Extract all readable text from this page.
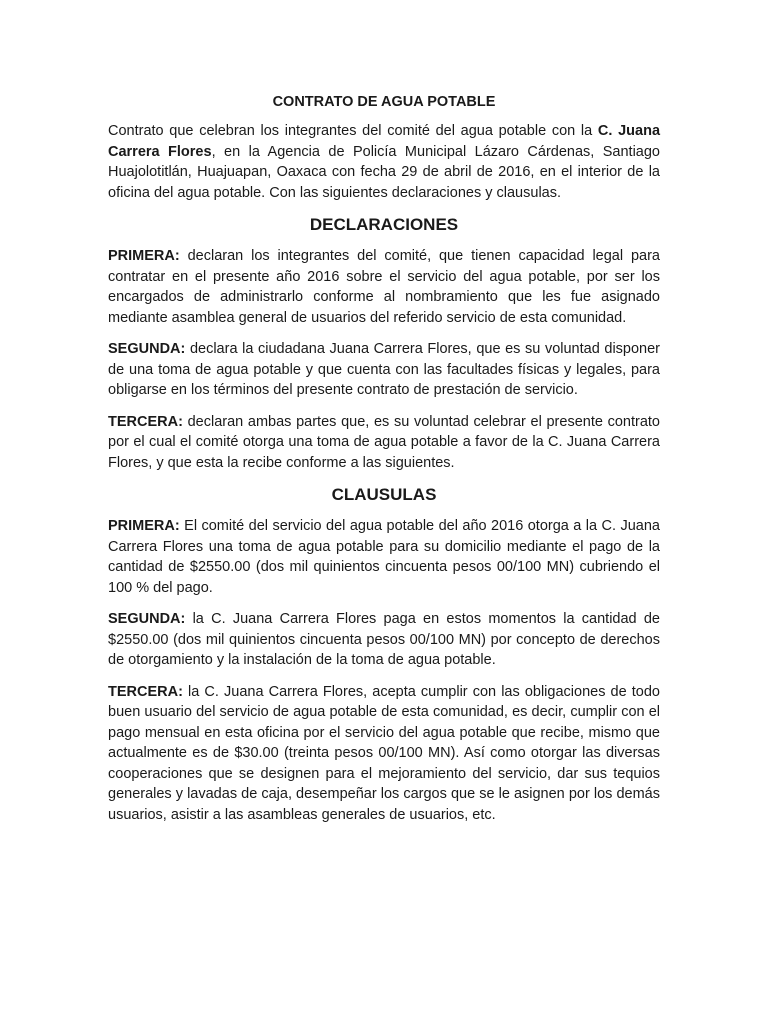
CONTRATO DE AGUA POTABLE

Contrato que celebran los integrantes del comité del agua potable con la C. Juana Carrera Flores, en la Agencia de Policía Municipal Lázaro Cárdenas, Santiago Huajolotitlán, Huajuapan, Oaxaca con fecha 29 de abril de 2016, en el interior de la oficina del agua potable. Con las siguientes declaraciones y clausulas.

DECLARACIONES

PRIMERA: declaran los integrantes del comité, que tienen capacidad legal para contratar en el presente año 2016 sobre el servicio del agua potable, por ser los encargados de administrarlo conforme al nombramiento que les fue asignado mediante asamblea general de usuarios del referido servicio de esta comunidad.

SEGUNDA: declara la ciudadana Juana Carrera Flores, que es su voluntad disponer de una toma de agua potable y que cuenta con las facultades físicas y legales, para obligarse en los términos del presente contrato de prestación de servicio.

TERCERA: declaran ambas partes que, es su voluntad celebrar el presente contrato por el cual el comité otorga una toma de agua potable a favor de la C. Juana Carrera Flores, y que esta la recibe conforme a las siguientes.

CLAUSULAS

PRIMERA: El comité del servicio del agua potable del año 2016 otorga a la C. Juana Carrera Flores una toma de agua potable para su domicilio mediante el pago de la cantidad de $2550.00 (dos mil quinientos cincuenta pesos 00/100 MN) cubriendo el 100 % del pago.

SEGUNDA: la C. Juana Carrera Flores paga en estos momentos la cantidad de $2550.00 (dos mil quinientos cincuenta pesos 00/100 MN) por concepto de derechos de otorgamiento y la instalación de la toma de agua potable.

TERCERA: la C. Juana Carrera Flores, acepta cumplir con las obligaciones de todo buen usuario del servicio de agua potable de esta comunidad, es decir, cumplir con el pago mensual en esta oficina por el servicio del agua potable que recibe, mismo que actualmente es de $30.00 (treinta pesos 00/100 MN). Así como otorgar las diversas cooperaciones que se designen para el mejoramiento del servicio, dar sus tequios generales y lavadas de caja, desempeñar los cargos que se le asignen por los demás usuarios, asistir a las asambleas generales de usuarios, etc.
